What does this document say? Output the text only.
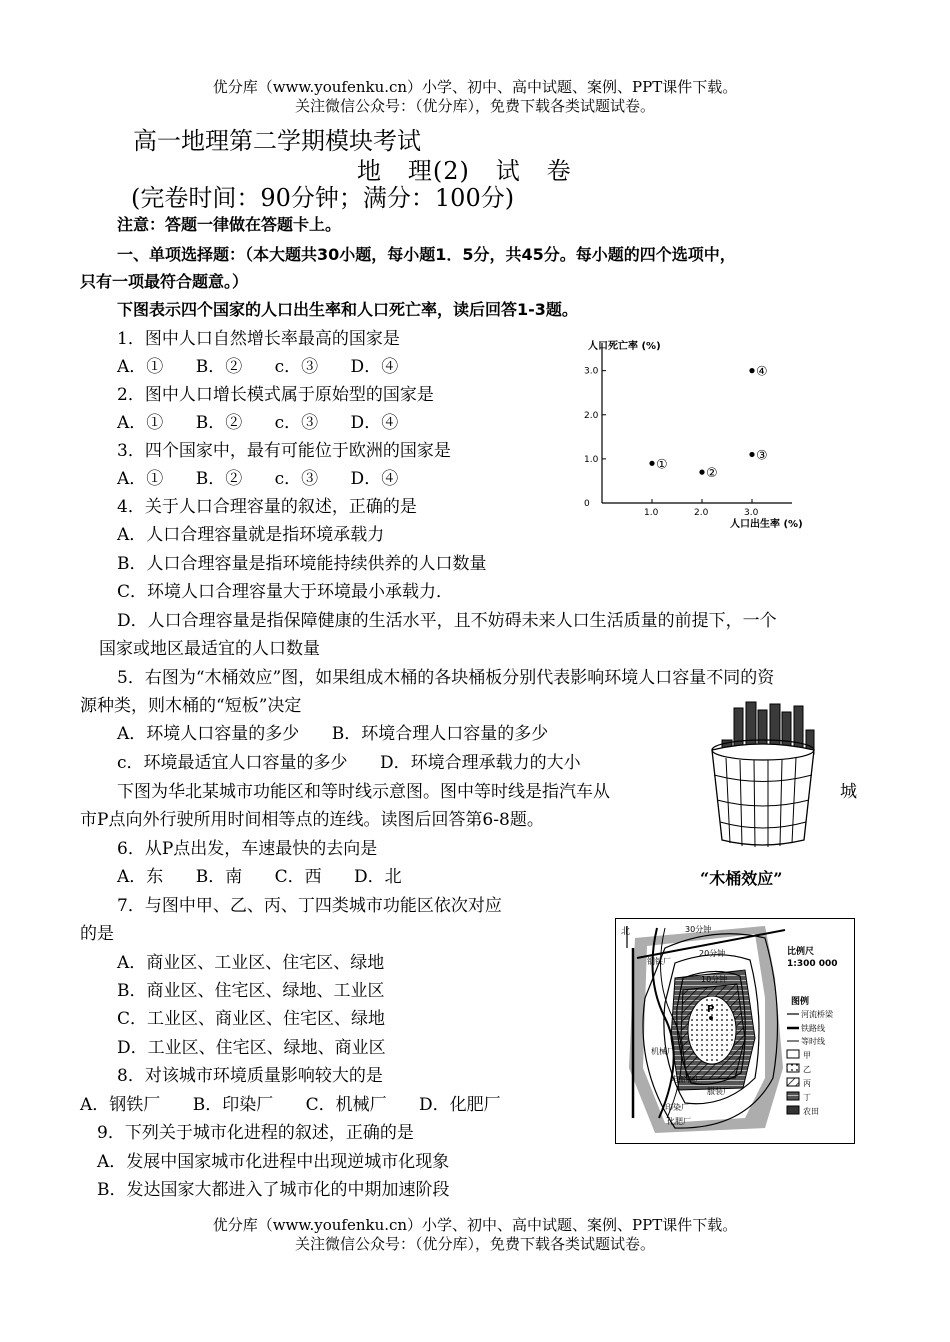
优分库（www.youfenku.cn）小学、初中、高中试题、案例、PPT课件下载。
关注微信公众号：（优分库），免费下载各类试题试卷。
高一地理第二学期模块考试
地   理(2)   试   卷
(完卷时间：90分钟；满分：100分)
注意：答题一律做在答题卡上。
一、单项选择题：（本大题共30小题，每小题1．5分，共45分。每小题的四个选项中，
只有一项最符合题意。）
下图表示四个国家的人口出生率和人口死亡率，读后回答1-3题。
1．图中人口自然增长率最高的国家是
A．①      B．②      c．③      D．④
2．图中人口增长模式属于原始型的国家是
A．①      B．②      c．③      D．④
3．四个国家中，最有可能位于欧洲的国家是
A．①      B．②      c．③      D．④
4．关于人口合理容量的叙述，正确的是
A．人口合理容量就是指环境承载力
B．人口合理容量是指环境能持续供养的人口数量
C．环境人口合理容量大于环境最小承载力．
D．人口合理容量是指保障健康的生活水平，且不妨碍未来人口生活质量的前提下，一个
国家或地区最适宜的人口数量
5．右图为“木桶效应”图，如果组成木桶的各块桶板分别代表影响环境人口容量不同的资
源种类，则木桶的“短板”决定
A．环境人口容量的多少      B．环境合理人口容量的多少
c．环境最适宜人口容量的多少      D．环境合理承载力的大小
下图为华北某城市功能区和等时线示意图。图中等时线是指汽车从	城
市P点向外行驶所用时间相等点的连线。读图后回答第6-8题。
6．从P点出发，车速最快的去向是
A．东      B．南      C．西      D．北
7．与图中甲、乙、丙、丁四类城市功能区依次对应
的是
A．商业区、工业区、住宅区、绿地
B．商业区、住宅区、绿地、工业区
C．工业区、商业区、住宅区、绿地
D．工业区、住宅区、绿地、商业区
8．对该城市环境质量影响较大的是
A．钢铁厂      B．印染厂      C．机械厂      D．化肥厂
9．下列关于城市化进程的叙述，正确的是
A．发展中国家城市化进程中出现逆城市化现象
B．发达国家大都进入了城市化的中期加速阶段
优分库（www.youfenku.cn）小学、初中、高中试题、案例、PPT课件下载。
关注微信公众号：（优分库），免费下载各类试题试卷。
人口死亡率 (%)
人口出生率 (%)
1.0	2.0	3.0
0
1.0
2.0
3.0
①
②
③
④
“木桶效应”
北	30分钟
20分钟
10分钟
P
钢铁厂
机械厂
电解铜厂
服装厂
印染厂
化肥厂
比例尺
1:300 000
图例
河流桥梁
铁路线
等时线
甲
乙
丙
丁
农田
